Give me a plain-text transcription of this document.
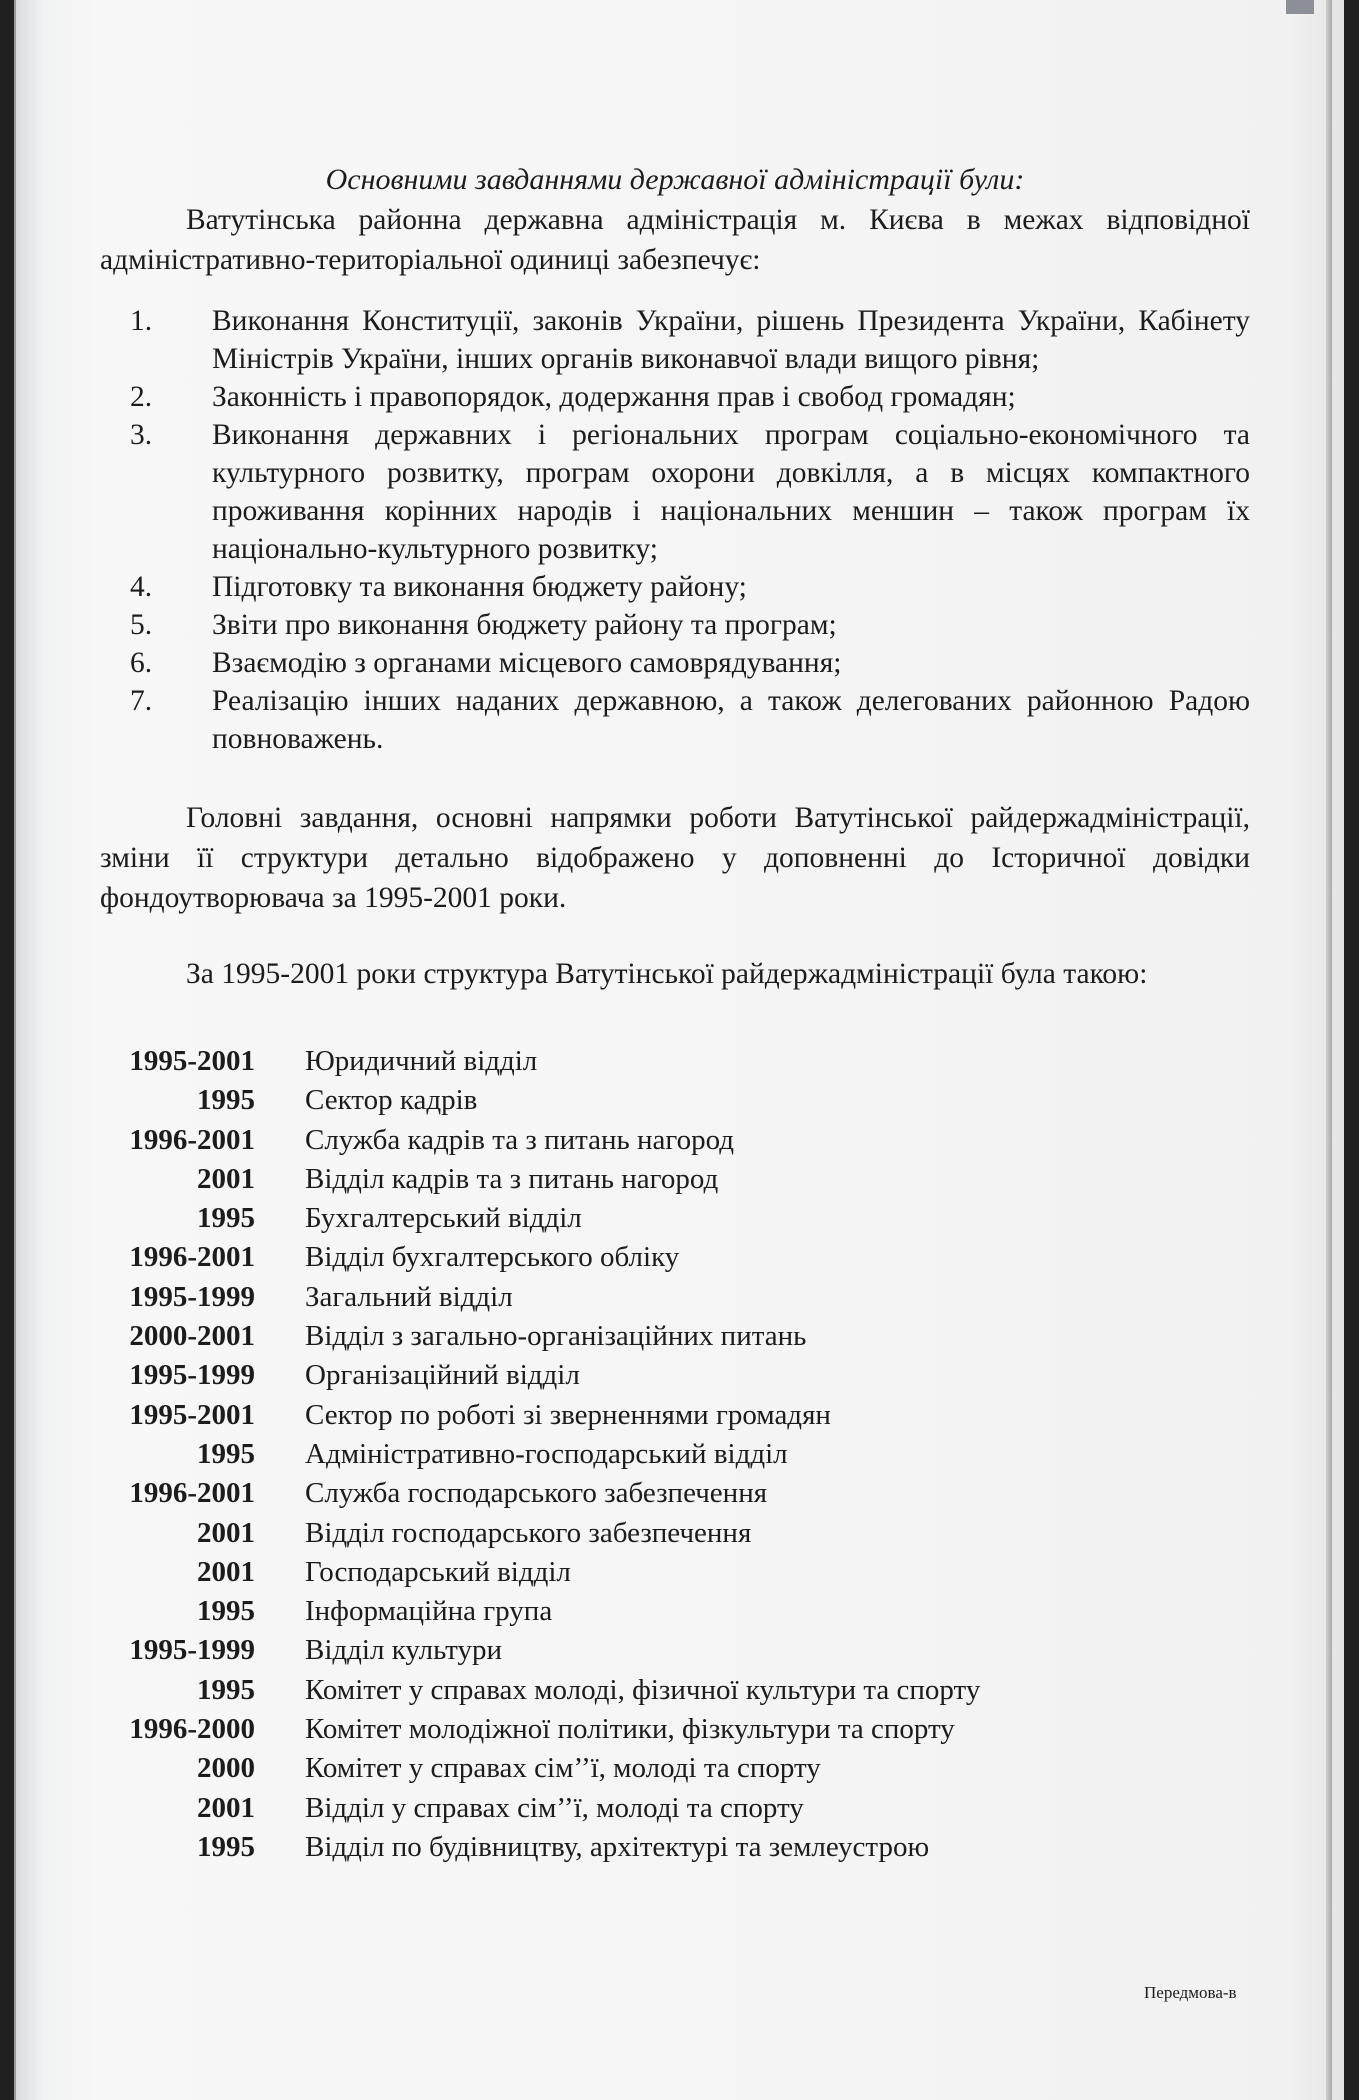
Основними завданнями державної адміністрації були:

Ватутінська районна державна адміністрація м. Києва в межах відповідної адміністративно-територіальної одиниці забезпечує:

1. Виконання Конституції, законів України, рішень Президента України, Кабінету Міністрів України, інших органів виконавчої влади вищого рівня;
2. Законність і правопорядок, додержання прав і свобод громадян;
3. Виконання державних і регіональних програм соціально-економічного та культурного розвитку, програм охорони довкілля, а в місцях компактного проживання корінних народів і національних меншин – також програм їх національно-культурного розвитку;
4. Підготовку та виконання бюджету району;
5. Звіти про виконання бюджету району та програм;
6. Взаємодію з органами місцевого самоврядування;
7. Реалізацію інших наданих державною, а також делегованих районною Радою повноважень.

Головні завдання, основні напрямки роботи Ватутінської райдержадміністрації, зміни її структури детально відображено у доповненні до Історичної довідки фондоутворювача за 1995-2001 роки.

За 1995-2001 роки структура Ватутінської райдержадміністрації була такою:

1995-2001 Юридичний відділ
1995 Сектор кадрів
1996-2001 Служба кадрів та з питань нагород
2001 Відділ кадрів та з питань нагород
1995 Бухгалтерський відділ
1996-2001 Відділ бухгалтерського обліку
1995-1999 Загальний відділ
2000-2001 Відділ з загально-організаційних питань
1995-1999 Організаційний відділ
1995-2001 Сектор по роботі зі зверненнями громадян
1995 Адміністративно-господарський відділ
1996-2001 Служба господарського забезпечення
2001 Відділ господарського забезпечення
2001 Господарський відділ
1995 Інформаційна група
1995-1999 Відділ культури
1995 Комітет у справах молоді, фізичної культури та спорту
1996-2000 Комітет молодіжної політики, фізкультури та спорту
2000 Комітет у справах сім’’ї, молоді та спорту
2001 Відділ у справах сім’’ї, молоді та спорту
1995 Відділ по будівництву, архітектурі та землеустрою
Передмова-в
